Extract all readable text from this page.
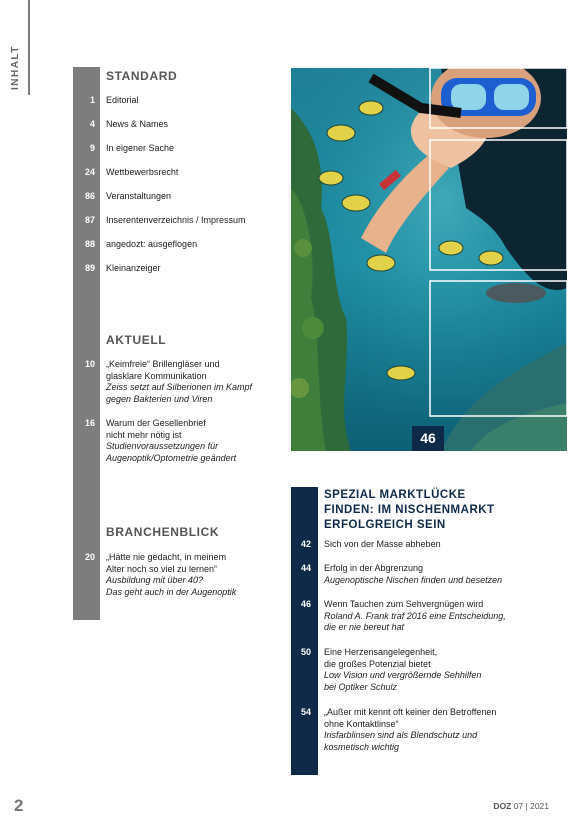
INHALT	STANDARD
1 Editorial
4 News & Names
9 In eigener Sache
24 Wettbewerbsrecht
86 Veranstaltungen
87 Inserentenverzeichnis / Impressum
88 angedozt: ausgeflogen
89 Kleinanzeiger
AKTUELL
10 „Keimfreie“ Brillengläser und
glasklare Kommunikation
Zeiss setzt auf Silberionen im Kampf
gegen Bakterien und Viren
16 Warum der Gesellenbrief
nicht mehr nötig ist
Studienvoraussetzungen für
Augenoptik/Optometrie geändert
BRANCHENBLICK
20 „Hätte nie gedacht, in meinem
Alter noch so viel zu lernen“
Ausbildung mit über 40?
Das geht auch in der Augenoptik
46
SPEZIAL MARKTLÜCKE
FINDEN: IM NISCHENMARKT
ERFOLGREICH SEIN
42 Sich von der Masse abheben
44 Erfolg in der Abgrenzung
Augenoptische Nischen finden und besetzen
46 Wenn Tauchen zum Sehvergnügen wird
Roland A. Frank traf 2016 eine Entscheidung,
die er nie bereut hat
50 Eine Herzensangelegenheit,
die großes Potenzial bietet
Low Vision und vergrößernde Sehhilfen
bei Optiker Schulz
54 „Außer mit kennt oft keiner den Betroffenen
ohne Kontaktlinse“
Irisfarblinsen sind als Blendschutz und
kosmetisch wichtig
2	DOZ 07 | 2021
